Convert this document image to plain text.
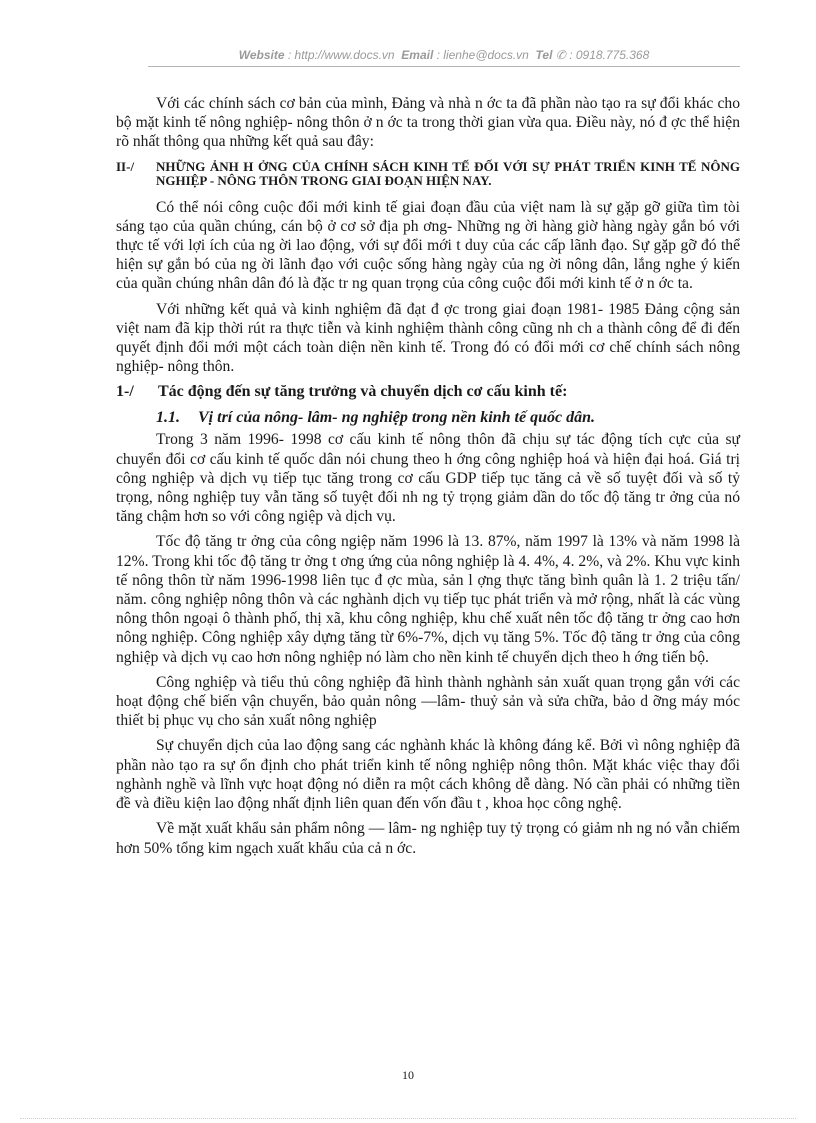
Website : http://www.docs.vn Email : lienhe@docs.vn Tel ✆ : 0918.775.368

Với các chính sách cơ bản của mình, Đảng và nhà n ớc ta đã phần nào tạo ra sự đổi khác cho bộ mặt kinh tế nông nghiệp- nông thôn ở n ớc ta trong thời gian vừa qua. Điều này, nó đ ợc thể hiện rõ nhất thông qua những kết quả sau đây:

II-/	NHỮNG ẢNH H ỞNG CỦA CHÍNH SÁCH KINH TẾ ĐỐI VỚI SỰ PHÁT TRIỂN KINH TẾ NÔNG NGHIỆP - NÔNG THÔN TRONG GIAI ĐOẠN HIỆN NAY.

Có thể nói công cuộc đổi mới kinh tế giai đoạn đầu của việt nam là sự gặp gỡ giữa tìm tòi sáng tạo của quần chúng, cán bộ ở cơ sở địa ph ơng- Những ng ời hàng giờ hàng ngày gắn bó với thực tế với lợi ích của ng ời lao động, với sự đổi mới t duy của các cấp lãnh đạo. Sự gặp gỡ đó thể hiện sự gắn bó của ng ời lãnh đạo với cuộc sống hàng ngày của ng ời nông dân, lắng nghe ý kiến của quần chúng nhân dân đó là đặc tr ng quan trọng của công cuộc đổi mới kinh tế ở n ớc ta.

Với những kết quả và kinh nghiệm đã đạt đ ợc trong giai đoạn 1981- 1985 Đảng cộng sản việt nam đã kịp thời rút ra thực tiễn và kinh nghiệm thành công cũng nh ch a thành công để đi đến quyết định đổi mới một cách toàn diện nền kinh tế. Trong đó có đổi mới cơ chế chính sách nông nghiệp- nông thôn.

1-/	Tác động đến sự tăng trưởng và chuyển dịch cơ cấu kinh tế:
1.1. Vị trí của nông- lâm- ng nghiệp trong nền kinh tế quốc dân.

Trong 3 năm 1996- 1998 cơ cấu kinh tế nông thôn đã chịu sự tác động tích cực của sự chuyển đổi cơ cấu kinh tế quốc dân nói chung theo h ớng công nghiệp hoá và hiện đại hoá. Giá trị công nghiệp và dịch vụ tiếp tục tăng trong cơ cấu GDP tiếp tục tăng cả về số tuyệt đối và số tỷ trọng, nông nghiệp tuy vẫn tăng số tuyệt đối nh ng tỷ trọng giảm dần do tốc độ tăng tr ởng của nó tăng chậm hơn so với công ngiệp và dịch vụ.

Tốc độ tăng tr ởng của công ngiệp năm 1996 là 13. 87%, năm 1997 là 13% và năm 1998 là 12%. Trong khi tốc độ tăng tr ởng t ơng ứng của nông nghiệp là 4. 4%, 4. 2%, và 2%. Khu vực kinh tế nông thôn từ năm 1996-1998 liên tục đ ợc mùa, sản l ợng thực tăng bình quân là 1. 2 triệu tấn/ năm. công nghiệp nông thôn và các nghành dịch vụ tiếp tục phát triển và mở rộng, nhất là các vùng nông thôn ngoại ô thành phố, thị xã, khu công nghiệp, khu chế xuất nên tốc độ tăng tr ởng cao hơn nông nghiệp. Công nghiệp xây dựng tăng từ 6%-7%, dịch vụ tăng 5%. Tốc độ tăng tr ởng của công nghiệp và dịch vụ cao hơn nông nghiệp nó làm cho nền kinh tế chuyển dịch theo h ớng tiến bộ.

Công nghiệp và tiểu thủ công nghiệp đã hình thành nghành sản xuất quan trọng gắn với các hoạt động chế biến vận chuyển, bảo quản nông —lâm- thuỷ sản và sửa chữa, bảo d ỡng máy móc thiết bị phục vụ cho sản xuất nông nghiệp

Sự chuyển dịch của lao động sang các nghành khác là không đáng kể. Bởi vì nông nghiệp đã phần nào tạo ra sự ổn định cho phát triển kinh tế nông nghiệp nông thôn. Mặt khác việc thay đổi nghành nghề và lĩnh vực hoạt động nó diễn ra một cách không dễ dàng. Nó cần phải có những tiền đề và điều kiện lao động nhất định liên quan đến vốn đầu t , khoa học công nghệ.

Về mặt xuất khẩu sản phẩm nông — lâm- ng nghiệp tuy tỷ trọng có giảm nh ng nó vẫn chiếm hơn 50% tổng kim ngạch xuất khẩu của cả n ớc.

10
